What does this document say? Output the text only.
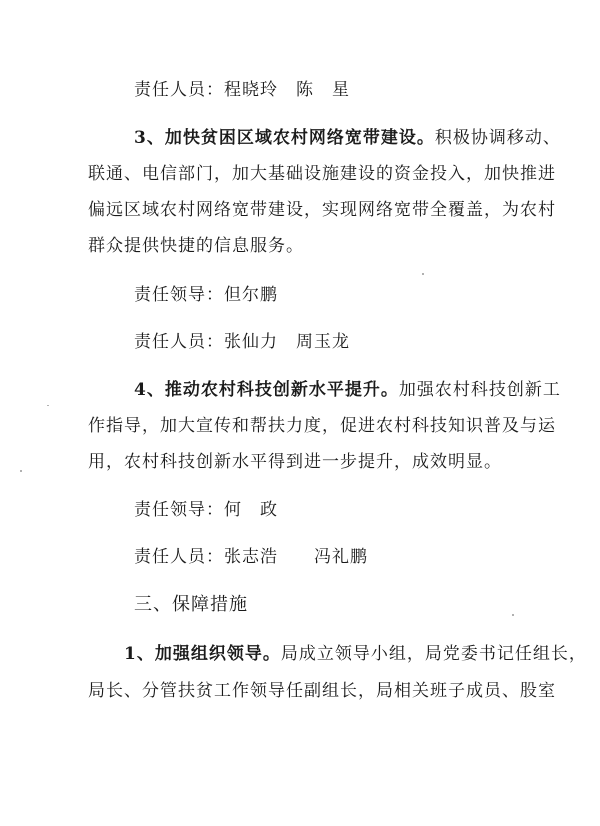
责任人员：程晓玲　陈　星
3、加快贫困区域农村网络宽带建设。积极协调移动、
联通、电信部门，加大基础设施建设的资金投入，加快推进
偏远区域农村网络宽带建设，实现网络宽带全覆盖，为农村
群众提供快捷的信息服务。
责任领导：但尔鹏
责任人员：张仙力　周玉龙
4、推动农村科技创新水平提升。加强农村科技创新工
作指导，加大宣传和帮扶力度，促进农村科技知识普及与运
用，农村科技创新水平得到进一步提升，成效明显。
责任领导：何　政
责任人员：张志浩　　冯礼鹏
三、保障措施
1、加强组织领导。局成立领导小组，局党委书记任组长，
局长、分管扶贫工作领导任副组长，局相关班子成员、股室
